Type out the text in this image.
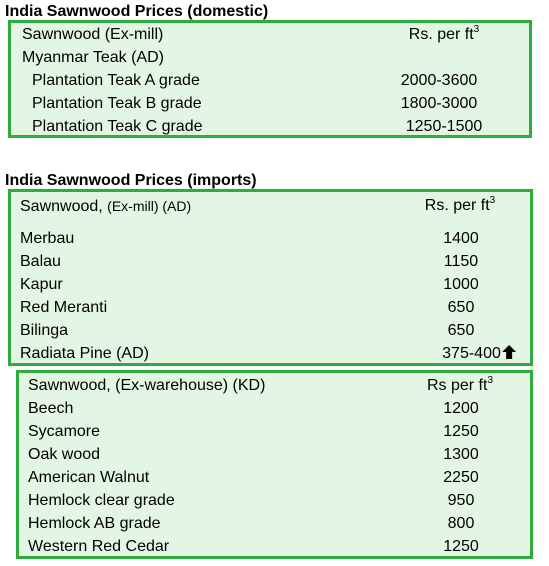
India Sawnwood Prices (domestic)
Sawnwood (Ex-mill)	Rs. per $ft^3$
Myanmar Teak (AD)
Plantation Teak A grade	2000-3600
Plantation Teak B grade	1800-3000
Plantation Teak C grade	1250-1500
India Sawnwood Prices (imports)
Sawnwood, (Ex-mill) (AD)	Rs. per $ft^3$
Merbau	1400
Balau	1150
Kapur	1000
Red Meranti	650
Bilinga	650
Radiata Pine (AD)	375-400
Sawnwood, (Ex-warehouse) (KD)	Rs per $ft^3$
Beech	1200
Sycamore	1250
Oak wood	1300
American Walnut	2250
Hemlock clear grade	950
Hemlock AB grade	800
Western Red Cedar	1250
